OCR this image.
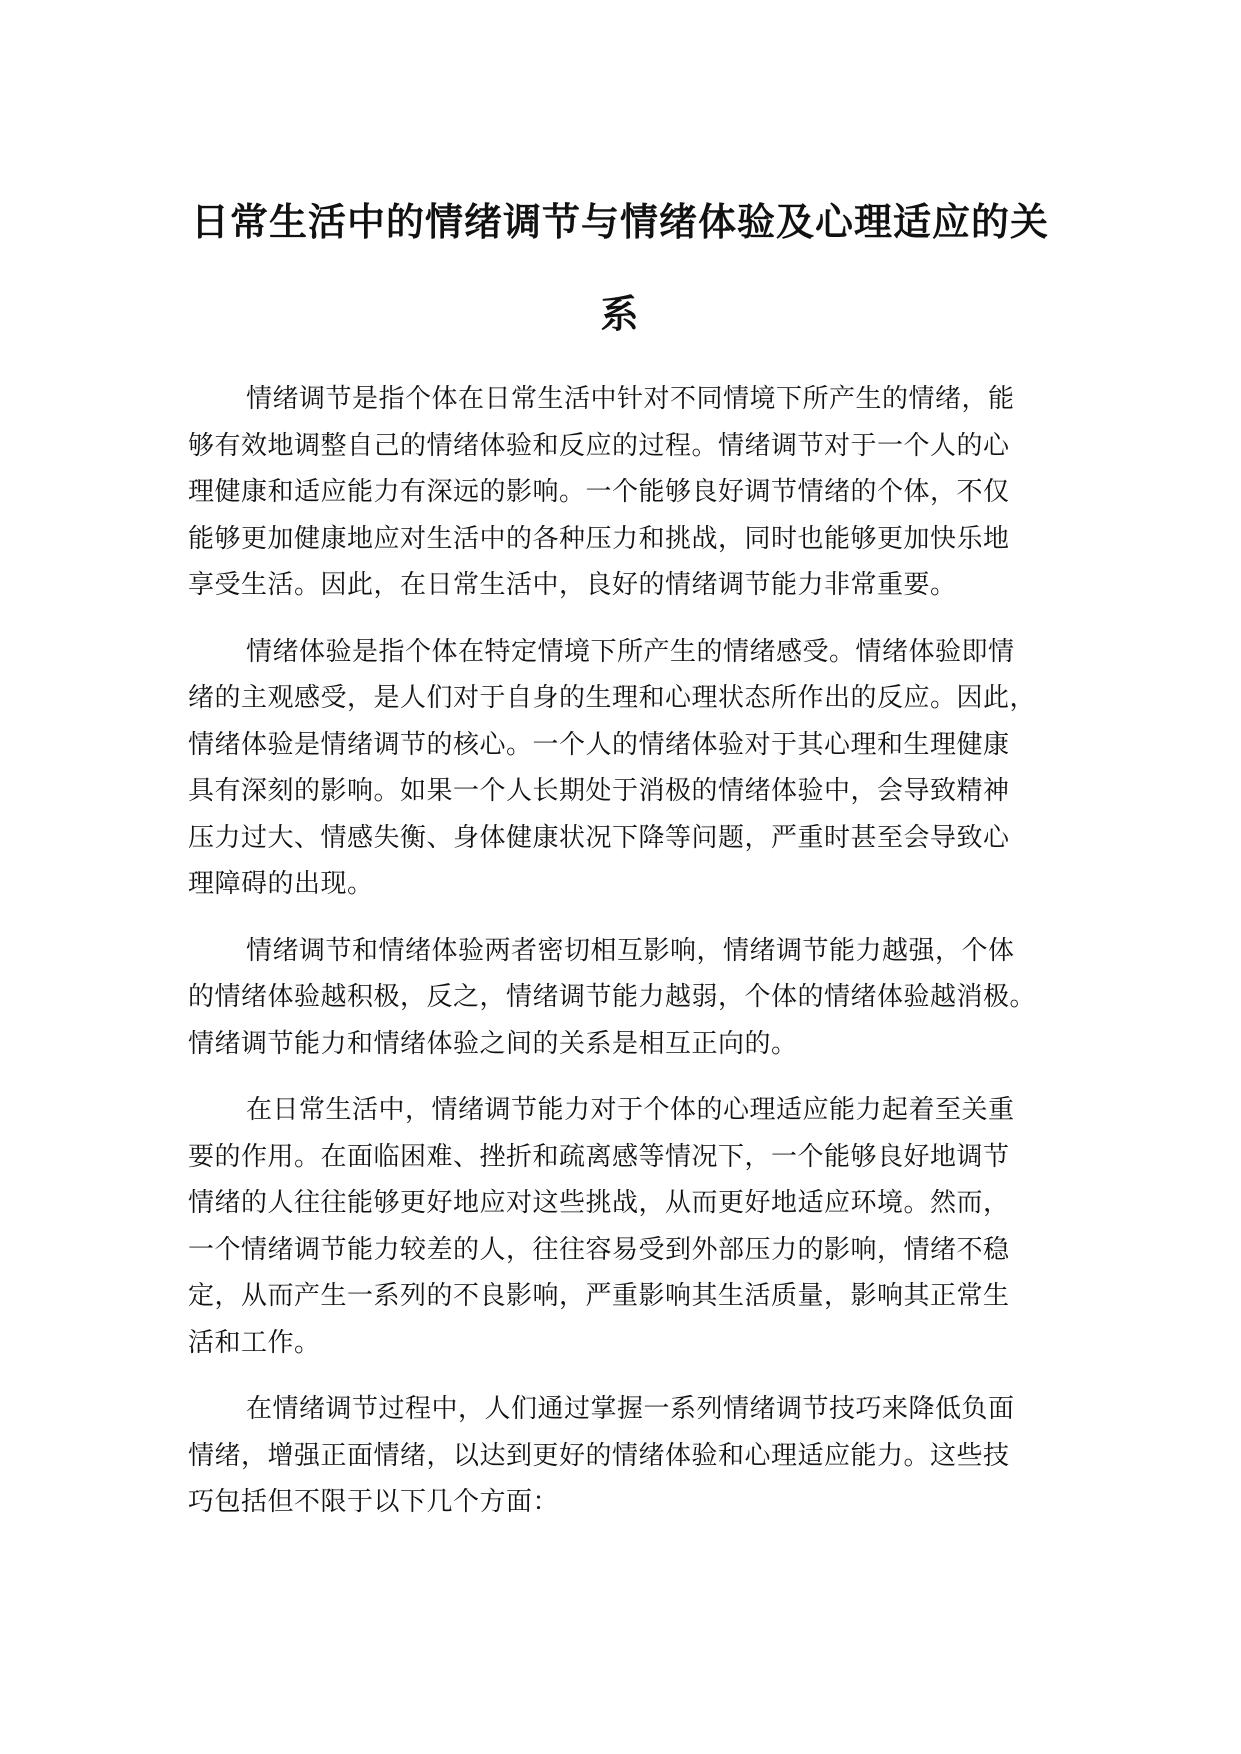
日常生活中的情绪调节与情绪体验及心理适应的关
系

情绪调节是指个体在日常生活中针对不同情境下所产生的情绪，能
够有效地调整自己的情绪体验和反应的过程。情绪调节对于一个人的心
理健康和适应能力有深远的影响。一个能够良好调节情绪的个体，不仅
能够更加健康地应对生活中的各种压力和挑战，同时也能够更加快乐地
享受生活。因此，在日常生活中，良好的情绪调节能力非常重要。

情绪体验是指个体在特定情境下所产生的情绪感受。情绪体验即情
绪的主观感受，是人们对于自身的生理和心理状态所作出的反应。因此，
情绪体验是情绪调节的核心。一个人的情绪体验对于其心理和生理健康
具有深刻的影响。如果一个人长期处于消极的情绪体验中，会导致精神
压力过大、情感失衡、身体健康状况下降等问题，严重时甚至会导致心
理障碍的出现。

情绪调节和情绪体验两者密切相互影响，情绪调节能力越强，个体
的情绪体验越积极，反之，情绪调节能力越弱，个体的情绪体验越消极。
情绪调节能力和情绪体验之间的关系是相互正向的。

在日常生活中，情绪调节能力对于个体的心理适应能力起着至关重
要的作用。在面临困难、挫折和疏离感等情况下，一个能够良好地调节
情绪的人往往能够更好地应对这些挑战，从而更好地适应环境。然而，
一个情绪调节能力较差的人，往往容易受到外部压力的影响，情绪不稳
定，从而产生一系列的不良影响，严重影响其生活质量，影响其正常生
活和工作。

在情绪调节过程中，人们通过掌握一系列情绪调节技巧来降低负面
情绪，增强正面情绪，以达到更好的情绪体验和心理适应能力。这些技
巧包括但不限于以下几个方面：
